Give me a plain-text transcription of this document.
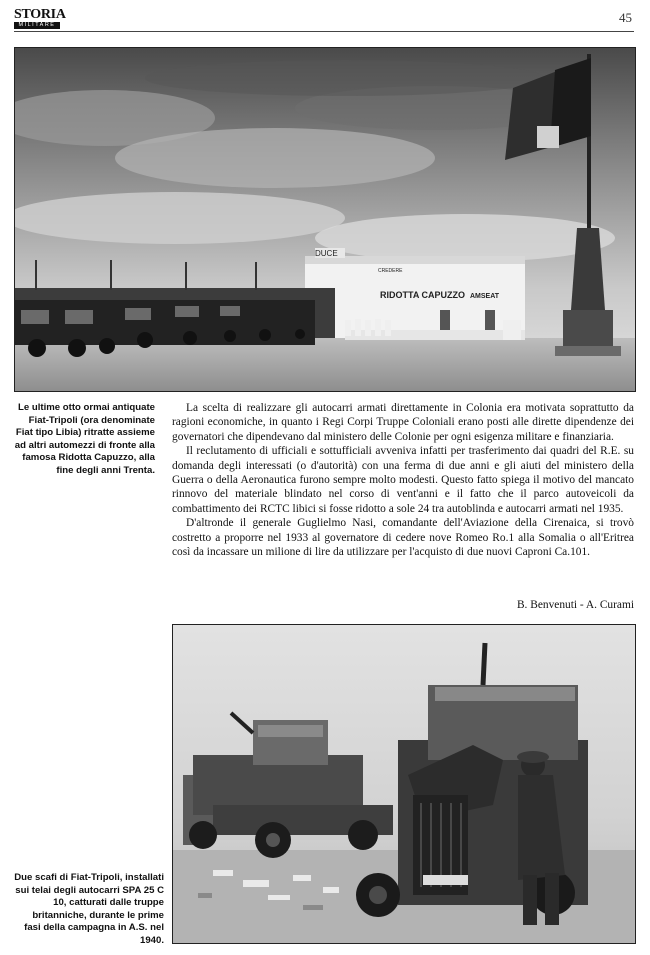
STORIA
MILITARE	45
DUCE
CREDERE
RIDOTTA CAPUZZO AMSEAT
Le ultime otto ormai antiquate Fiat-Tripoli (ora denominate Fiat tipo Libia) ritratte assieme ad altri automezzi di fronte alla famosa Ridotta Capuzzo, alla fine degli anni Trenta.

La scelta di realizzare gli autocarri armati direttamente in Colonia era motivata soprattutto da ragioni economiche, in quanto i Regi Corpi Truppe Coloniali erano posti alle dirette dipendenze dei governatori che dipendevano dal ministero delle Colonie per ogni esigenza militare e finanziaria.

Il reclutamento di ufficiali e sottufficiali avveniva infatti per trasferimento dai quadri del R.E. su domanda degli interessati (o d'autorità) con una ferma di due anni e gli aiuti del ministero della Guerra o della Aeronautica furono sempre molto modesti. Questo fatto spiega il motivo del mancato rinnovo del materiale blindato nel corso di vent'anni e il fatto che il parco autoveicoli da combattimento dei RCTC libici si fosse ridotto a sole 24 tra autoblinda e autocarri armati nel 1935.

D'altronde il generale Guglielmo Nasi, comandante dell'Aviazione della Cirenaica, si trovò costretto a proporre nel 1933 al governatore di cedere nove Romeo Ro.1 alla Somalia o all'Eritrea così da incassare un milione di lire da utilizzare per l'acquisto di due nuovi Caproni Ca.101.

B. Benvenuti - A. Curami
Due scafi di Fiat-Tripoli, installati sui telai degli autocarri SPA 25 C 10, catturati dalle truppe britanniche, durante le prime fasi della campagna in A.S. nel 1940.
